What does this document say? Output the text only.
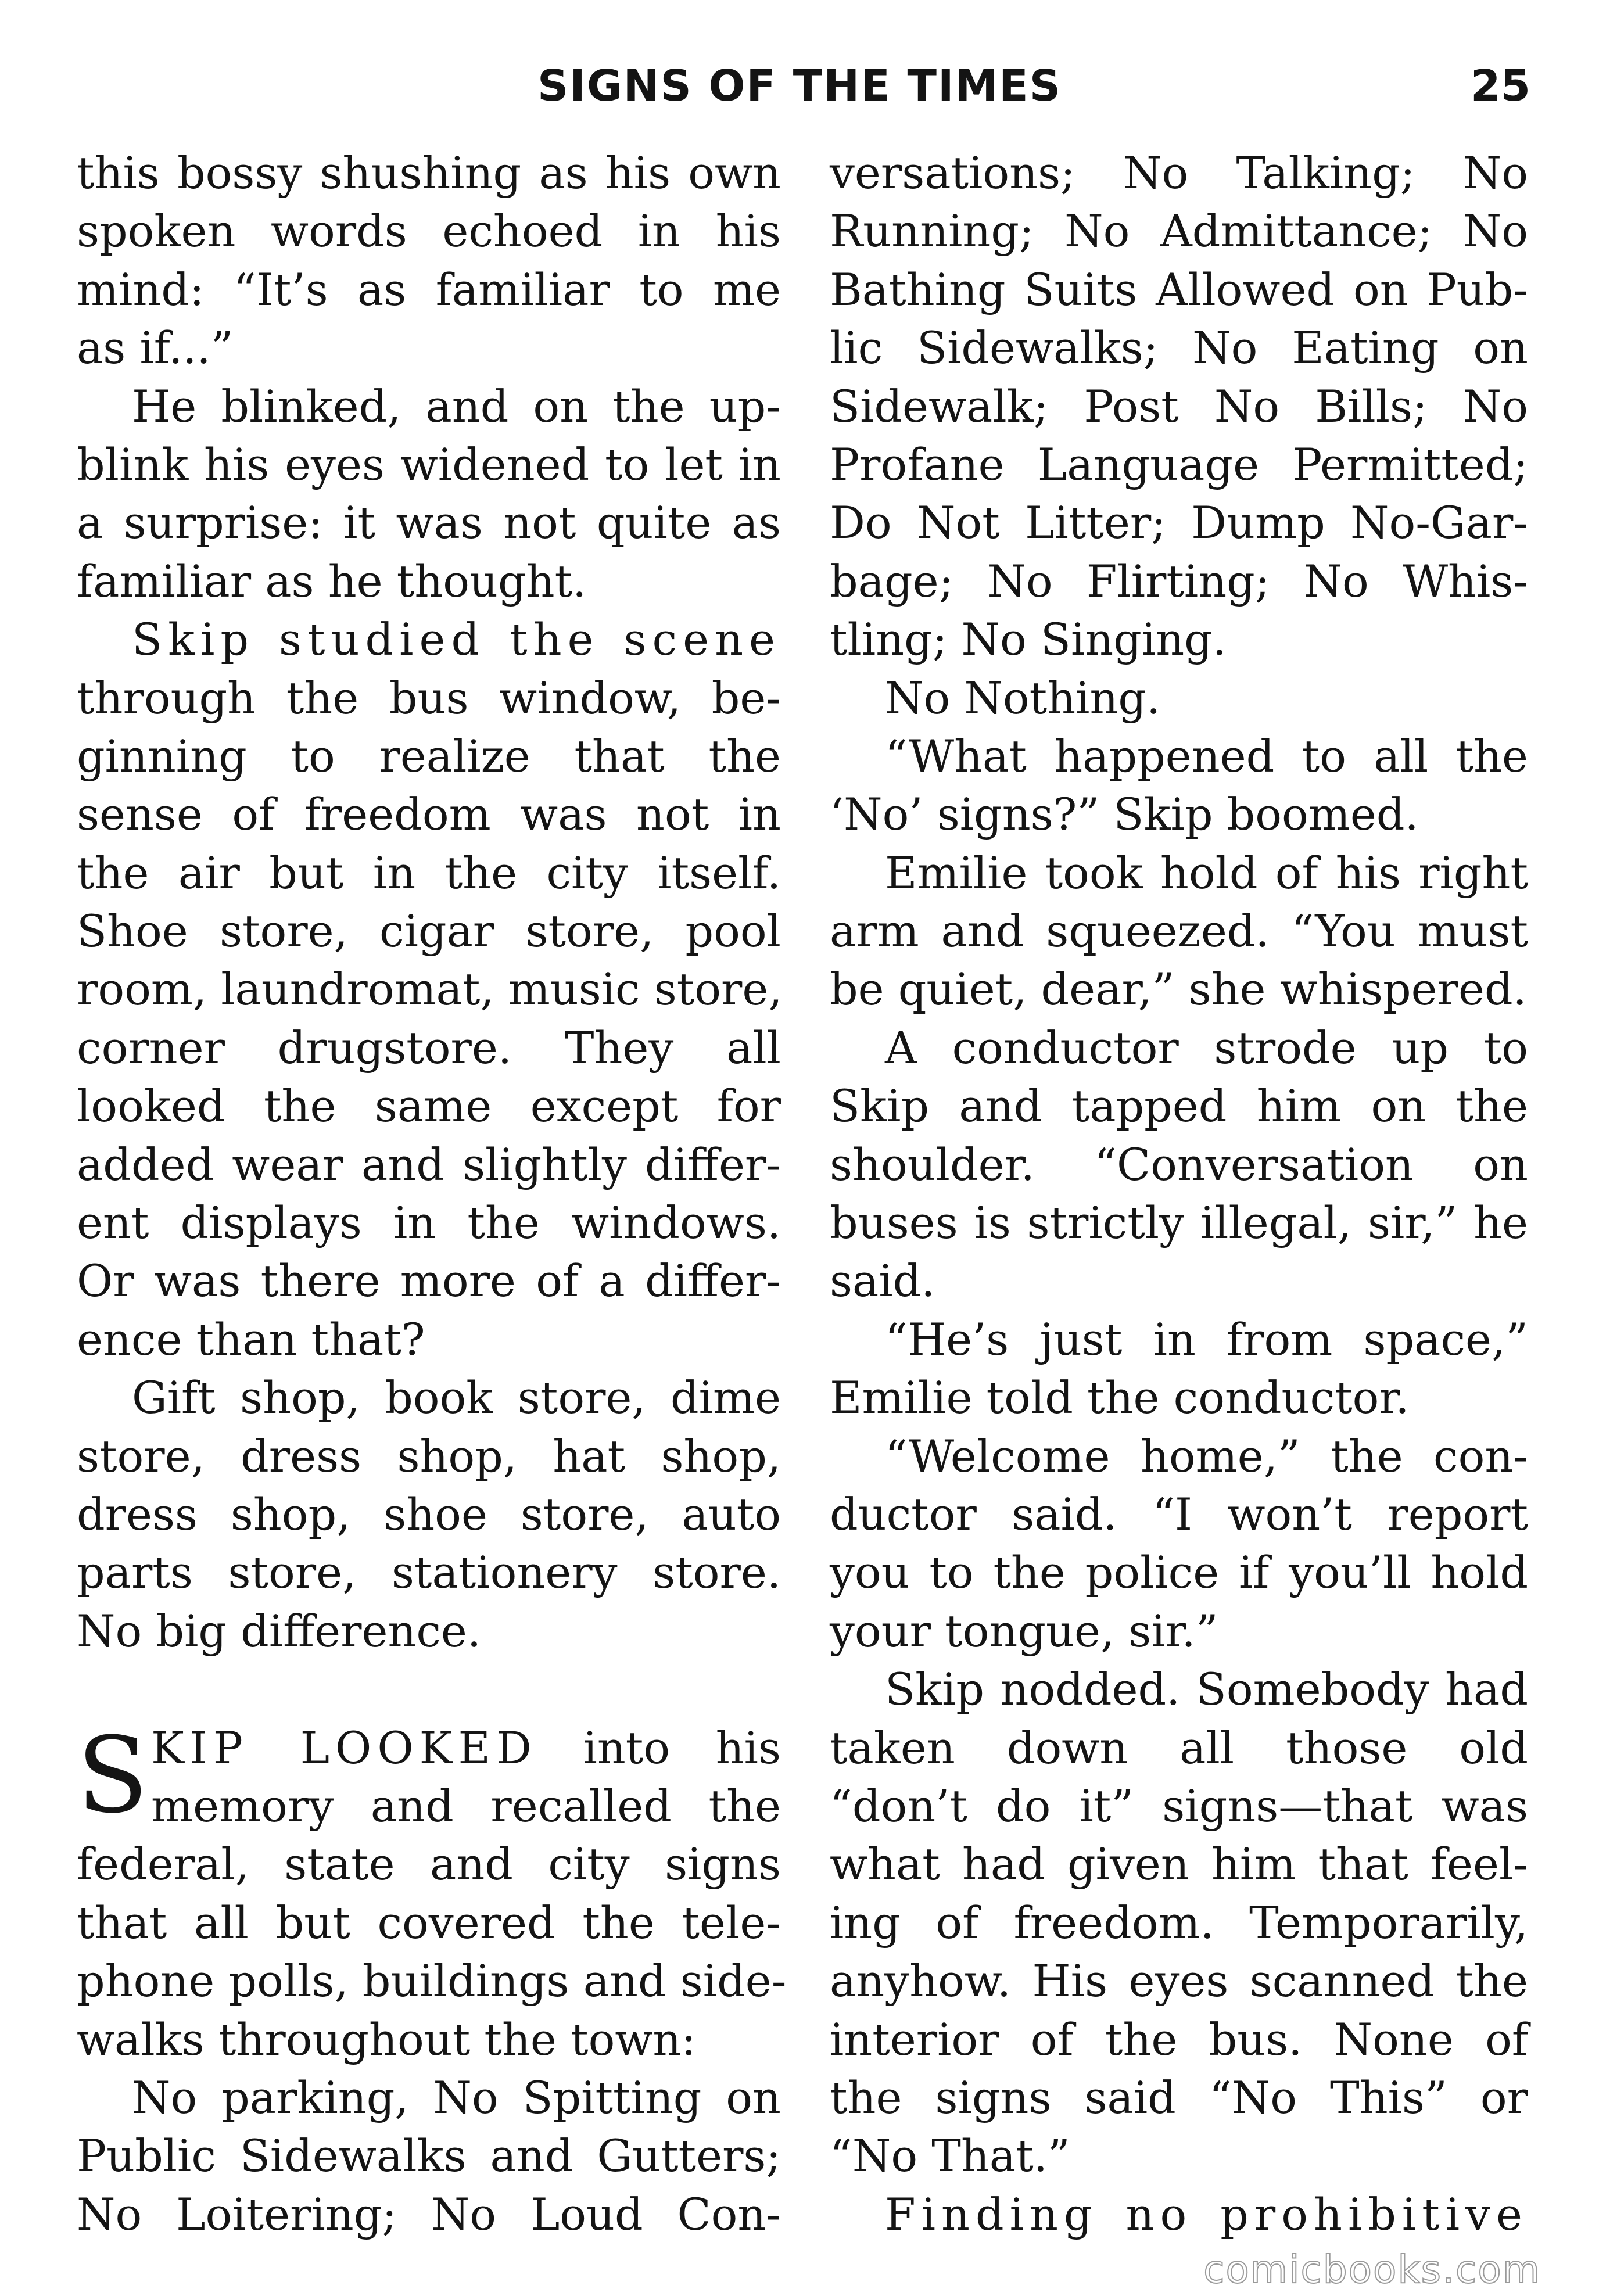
SIGNS OF THE TIMES	25
this bossy shushing as his own
spoken words echoed in his
mind: “It’s as familiar to me
as if...”
He blinked, and on the up-
blink his eyes widened to let in
a surprise: it was not quite as
familiar as he thought.
Skip studied the scene
through the bus window, be-
ginning to realize that the
sense of freedom was not in
the air but in the city itself.
Shoe store, cigar store, pool
room, laundromat, music store,
corner drugstore. They all
looked the same except for
added wear and slightly differ-
ent displays in the windows.
Or was there more of a differ-
ence than that?
Gift shop, book store, dime
store, dress shop, hat shop,
dress shop, shoe store, auto
parts store, stationery store.
No big difference.
S KIP LOOKED into his
memory and recalled the
federal, state and city signs
that all but covered the tele-
phone polls, buildings and side-
walks throughout the town:
No parking, No Spitting on
Public Sidewalks and Gutters;
No Loitering; No Loud Con-
versations; No Talking; No
Running; No Admittance; No
Bathing Suits Allowed on Pub-
lic Sidewalks; No Eating on
Sidewalk; Post No Bills; No
Profane Language Permitted;
Do Not Litter; Dump No-Gar-
bage; No Flirting; No Whis-
tling; No Singing.
No Nothing.
“What happened to all the
‘No’ signs?” Skip boomed.
Emilie took hold of his right
arm and squeezed. “You must
be quiet, dear,” she whispered.
A conductor strode up to
Skip and tapped him on the
shoulder. “Conversation on
buses is strictly illegal, sir,” he
said.
“He’s just in from space,”
Emilie told the conductor.
“Welcome home,” the con-
ductor said. “I won’t report
you to the police if you’ll hold
your tongue, sir.”
Skip nodded. Somebody had
taken down all those old
“don’t do it” signs—that was
what had given him that feel-
ing of freedom. Temporarily,
anyhow. His eyes scanned the
interior of the bus. None of
the signs said “No This” or
“No That.”
Finding no prohibitive
comicbooks.com
